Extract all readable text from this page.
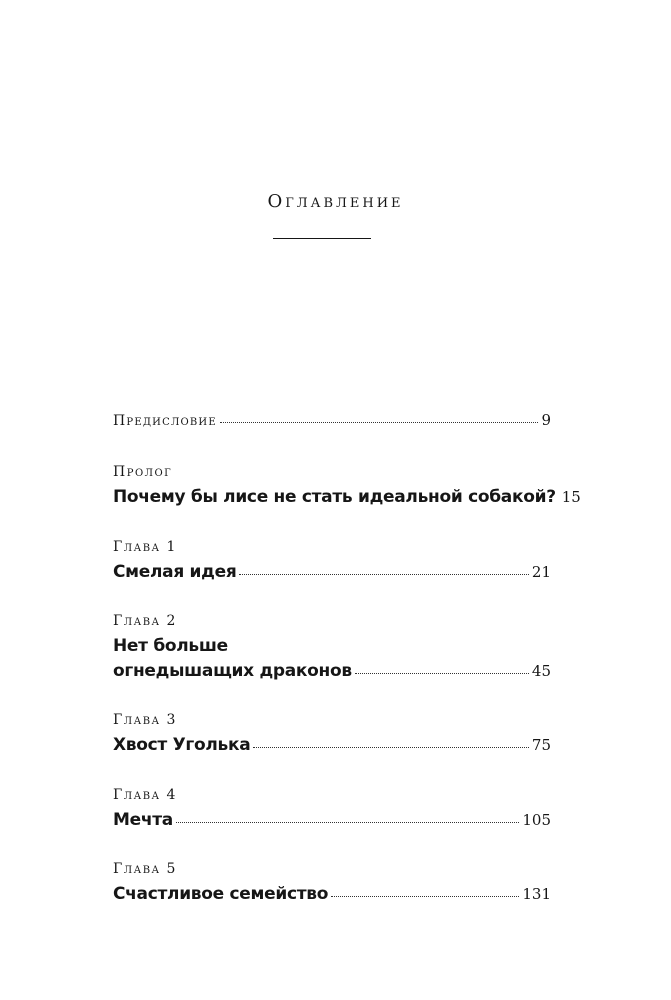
Оглавление
Предисловие	9
Пролог
Почему бы лисе не стать идеальной собакой? 15
Глава 1
Смелая идея	21
Глава 2
Нет больше
огнедышащих драконов	45
Глава 3
Хвост Уголька	75
Глава 4
Мечта	105
Глава 5
Счастливое семейство	131
